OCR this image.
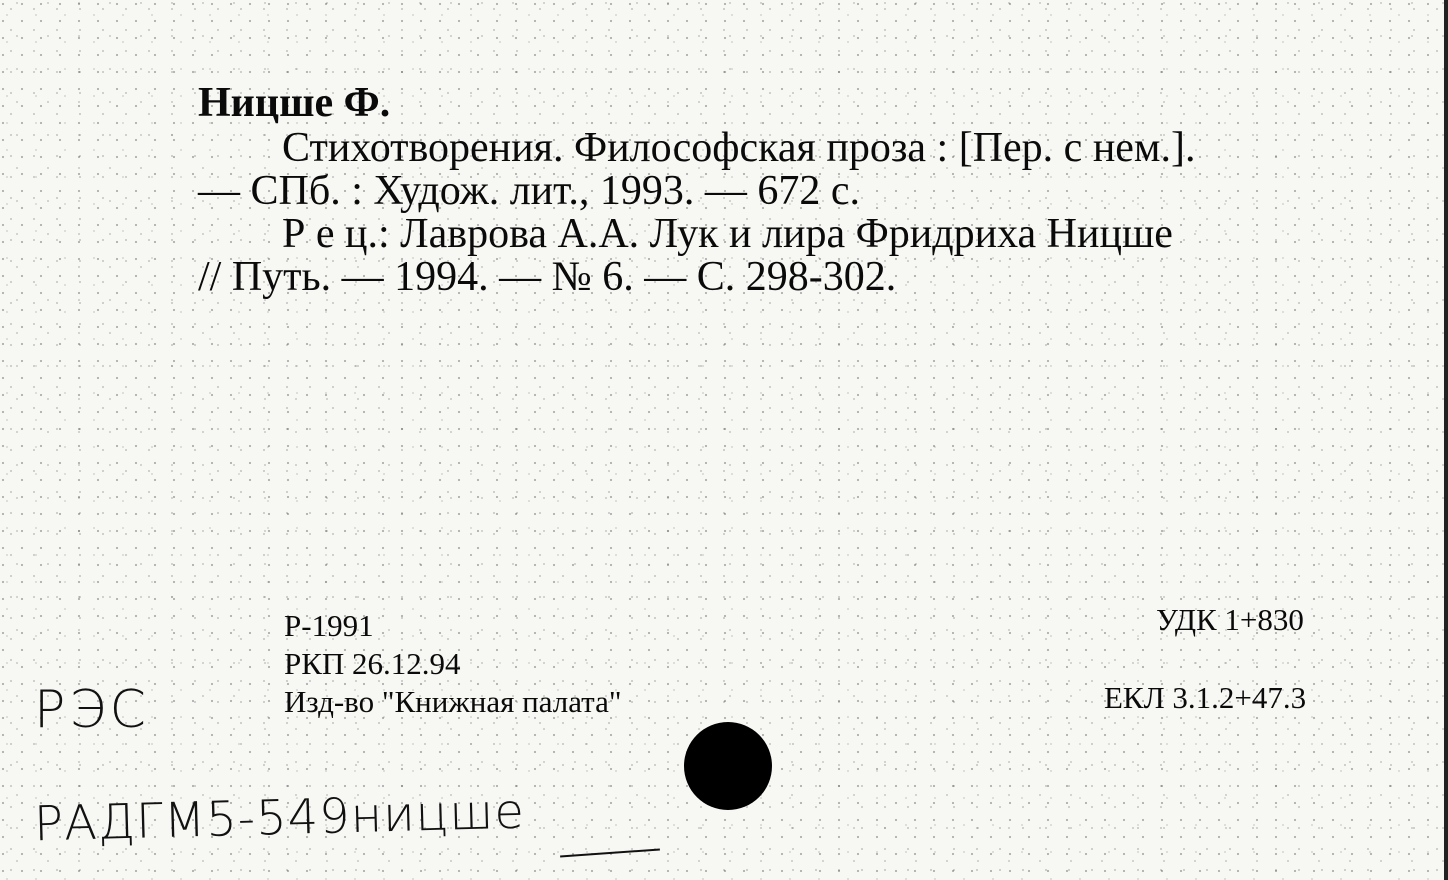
Ницше Ф.
Стихотворения. Философская проза : [Пер. с нем.].
— СПб. : Худож. лит., 1993. — 672 с.
Р е ц.: Лаврова А.А. Лук и лира Фридриха Ницше
// Путь. — 1994. — № 6. — С. 298-302.
Р-1991
РКП 26.12.94
Изд-во "Книжная палата"
УДК 1+830
ЕКЛ 3.1.2+47.3
РЭС
РАДГМ5-549ницше
